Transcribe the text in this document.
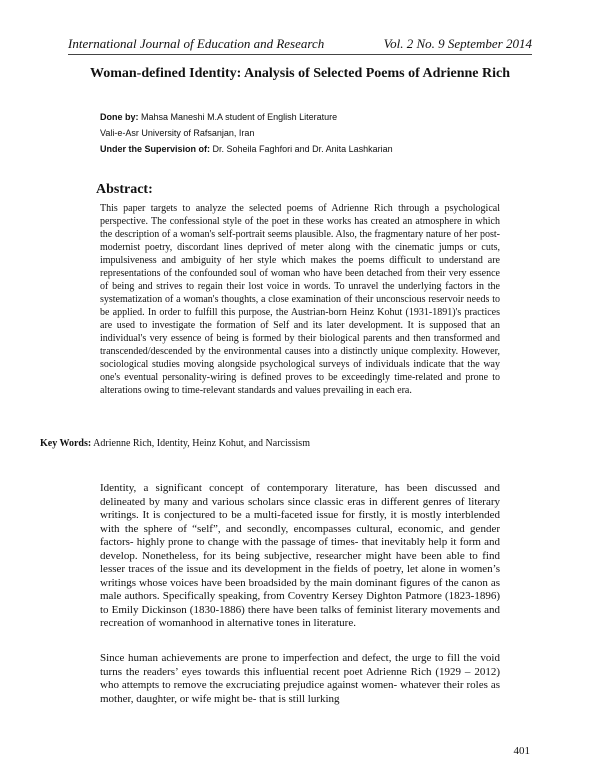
International Journal of Education and Research	Vol. 2 No. 9 September 2014
Woman-defined Identity: Analysis of Selected Poems of Adrienne Rich
Done by: Mahsa Maneshi M.A student of English Literature
Vali-e-Asr University of Rafsanjan, Iran
Under the Supervision of: Dr. Soheila Faghfori and Dr. Anita Lashkarian
Abstract:
This paper targets to analyze the selected poems of Adrienne Rich through a psychological perspective. The confessional style of the poet in these works has created an atmosphere in which the description of a woman's self-portrait seems plausible. Also, the fragmentary nature of her post-modernist poetry, discordant lines deprived of meter along with the cinematic jumps or cuts, impulsiveness and ambiguity of her style which makes the poems difficult to understand are representations of the confounded soul of woman who have been detached from their very essence of being and strives to regain their lost voice in words. To unravel the underlying factors in the systematization of a woman's thoughts, a close examination of their unconscious reservoir needs to be applied. In order to fulfill this purpose, the Austrian-born Heinz Kohut (1931-1891)'s practices are used to investigate the formation of Self and its later development. It is supposed that an individual's very essence of being is formed by their biological parents and then transformed and transcended/descended by the environmental causes into a distinctly unique complexity. However, sociological studies moving alongside psychological surveys of individuals indicate that the way one's eventual personality-wiring is defined proves to be exceedingly time-related and prone to alterations owing to time-relevant standards and values prevailing in each era.
Key Words: Adrienne Rich, Identity, Heinz Kohut, and Narcissism

Identity, a significant concept of contemporary literature, has been discussed and delineated by many and various scholars since classic eras in different genres of literary writings. It is conjectured to be a multi-faceted issue for firstly, it is mostly interblended with the sphere of “self”, and secondly, encompasses cultural, economic, and gender factors- highly prone to change with the passage of times- that inevitably help it form and develop. Nonetheless, for its being subjective, researcher might have been able to find lesser traces of the issue and its development in the fields of poetry, let alone in women’s writings whose voices have been broadsided by the main dominant figures of the canon as male authors. Specifically speaking, from Coventry Kersey Dighton Patmore (1823-1896) to Emily Dickinson (1830-1886) there have been talks of feminist literary movements and recreation of womanhood in alternative tones in literature.

Since human achievements are prone to imperfection and defect, the urge to fill the void turns the readers’ eyes towards this influential recent poet Adrienne Rich (1929 – 2012) who attempts to remove the excruciating prejudice against women- whatever their roles as mother, daughter, or wife might be- that is still lurking

401
